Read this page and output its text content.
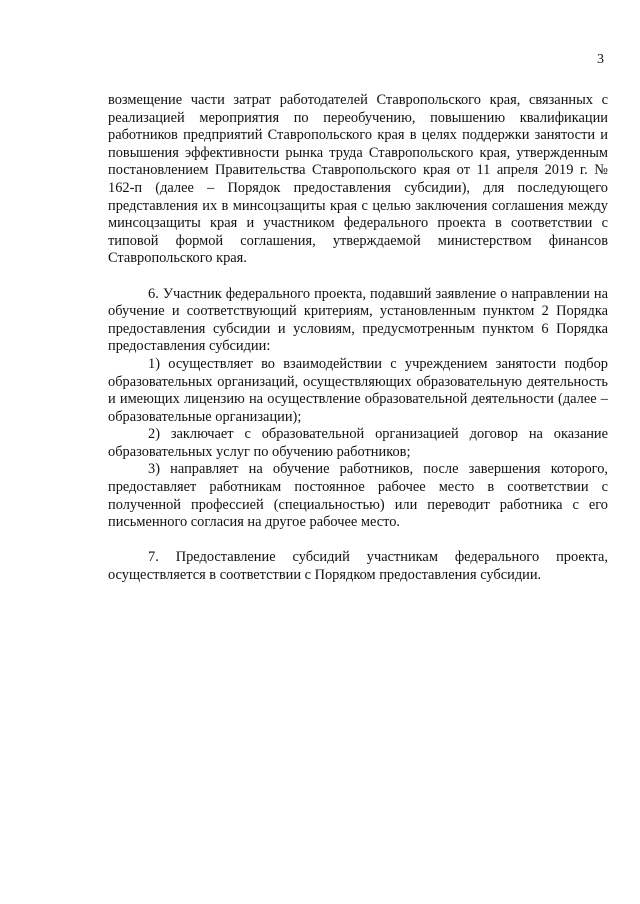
3

возмещение части затрат работодателей Ставропольского края, связанных с реализацией мероприятия по переобучению, повышению квалификации работников предприятий Ставропольского края в целях поддержки занятости и повышения эффективности рынка труда Ставропольского края, утвержденным постановлением Правительства Ставропольского края от 11 апреля 2019 г. № 162-п (далее – Порядок предоставления субсидии), для последующего представления их в минсоцзащиты края с целью заключения соглашения между минсоцзащиты края и участником федерального проекта в соответствии с типовой формой соглашения, утверждаемой министерством финансов Ставропольского края.

6. Участник федерального проекта, подавший заявление о направлении на обучение и соответствующий критериям, установленным пунктом 2 Порядка предоставления субсидии и условиям, предусмотренным пунктом 6 Порядка предоставления субсидии:

1) осуществляет во взаимодействии с учреждением занятости подбор образовательных организаций, осуществляющих образовательную деятельность и имеющих лицензию на осуществление образовательной деятельности (далее – образовательные организации);

2) заключает с образовательной организацией договор на оказание образовательных услуг по обучению работников;

3) направляет на обучение работников, после завершения которого, предоставляет работникам постоянное рабочее место в соответствии с полученной профессией (специальностью) или переводит работника с его письменного согласия на другое рабочее место.

7. Предоставление субсидий участникам федерального проекта, осуществляется в соответствии с Порядком предоставления субсидии.
